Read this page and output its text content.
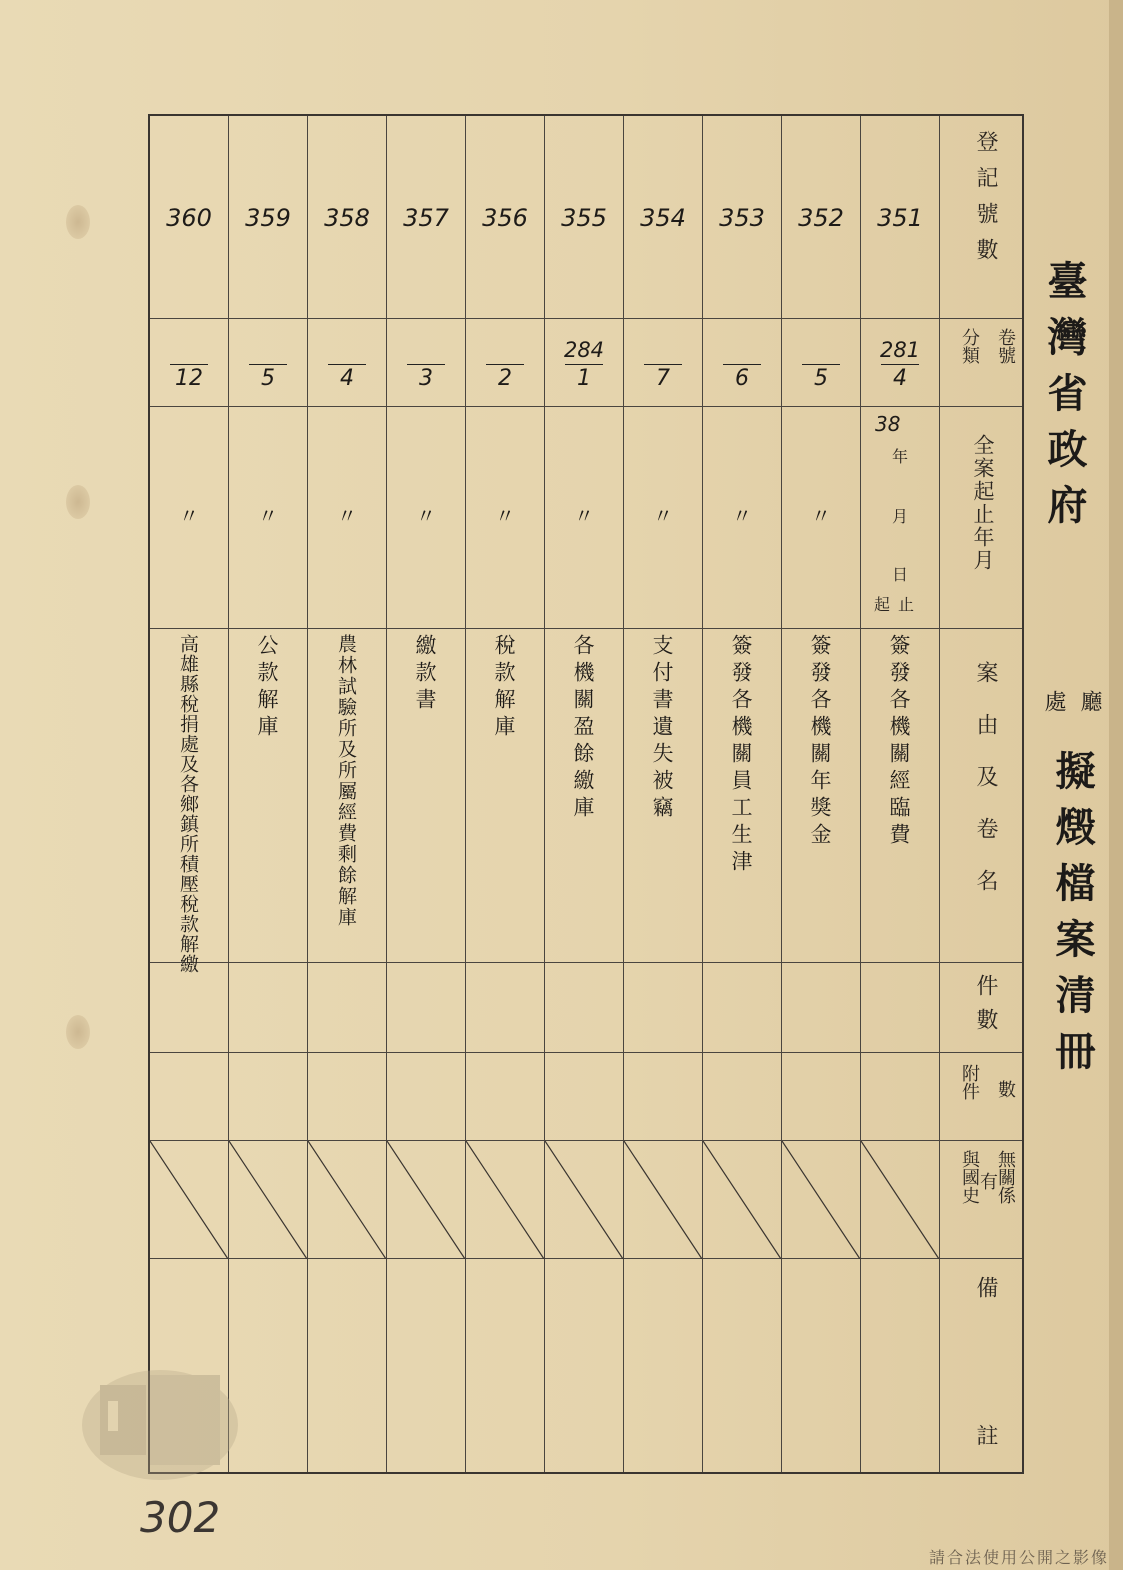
臺灣省政府
廳
處
擬燬檔案清冊
登記號數
卷號
分類
全案起止年月
案由及卷名
件數
附件 數
無關係
有
與國史
備
註
38
年
月
日
起止
351
281
4
簽發各機關經臨費
352
5
〃
簽發各機關年獎金
353
6
〃
簽發各機關員工生津
354
7
〃
支付書遺失被竊
355
284
1
〃
各機關盈餘繳庫
356
2
〃
稅款解庫
357
3
〃
繳款書
358
4
〃
農林試驗所及所屬經費剩餘解庫
359
5
〃
公款解庫
360
12
〃
高雄縣稅捐處及各鄉鎮所積壓稅款解繳
302
請合法使用公開之影像
